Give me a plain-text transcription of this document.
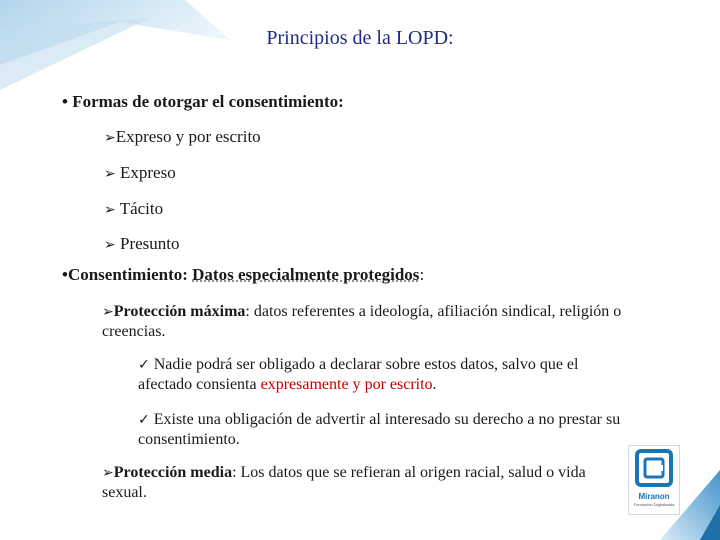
Principios de la LOPD:
• Formas de otorgar el consentimiento:
➢Expreso y por escrito
➢ Expreso
➢ Tácito
➢ Presunto
•Consentimiento: Datos especialmente protegidos:
➢Protección máxima: datos referentes a ideología, afiliación sindical, religión o creencias.
✓ Nadie podrá ser obligado a declarar sobre estos datos, salvo que el afectado consienta expresamente y por escrito.
✓ Existe una obligación de advertir al interesado su derecho a no prestar su consentimiento.
➢Protección media: Los datos que se refieran al origen racial, salud o vida sexual.	Miranon
Formación Digitalizada
